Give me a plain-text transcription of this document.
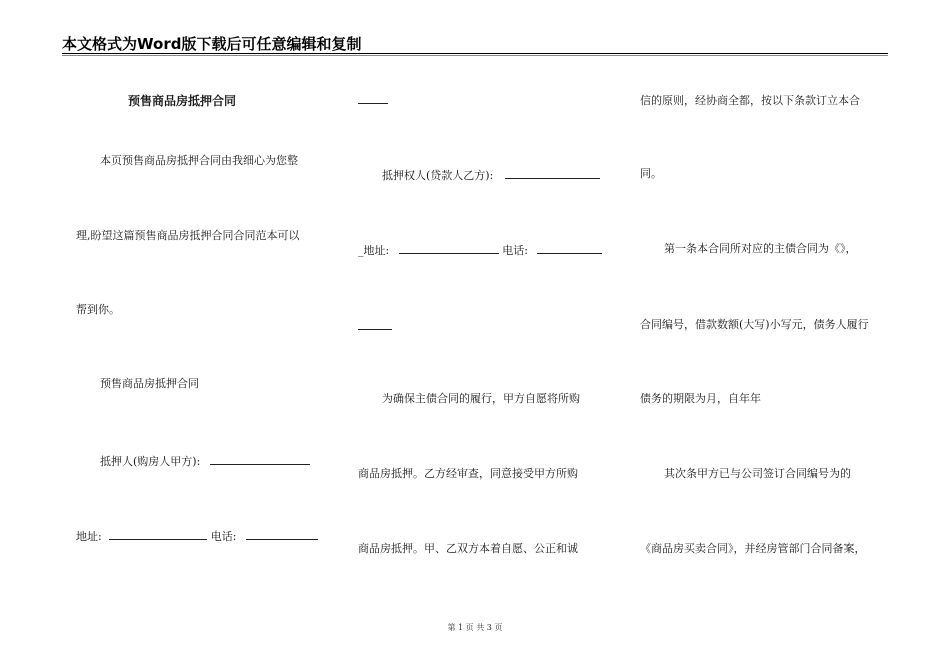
本文格式为Word版下载后可任意编辑和复制
预售商品房抵押合同
本页预售商品房抵押合同由我细心为您整
理,盼望这篇预售商品房抵押合同合同范本可以
帮到你。
预售商品房抵押合同
抵押人(购房人甲方):
地址:	电话:
抵押权人(贷款人乙方):
_地址:	电话:
为确保主债合同的履行，甲方自愿将所购
商品房抵押。乙方经审查，同意接受甲方所购
商品房抵押。甲、乙双方本着自愿、公正和诚
信的原则，经协商全都，按以下条款订立本合
同。
第一条本合同所对应的主债合同为《》，
合同编号，借款数额(大写)小写元，债务人履行
债务的期限为月，自年年
其次条甲方已与公司签订合同编号为的
《商品房买卖合同》，并经房管部门合同备案，
第 1 页 共 3 页
